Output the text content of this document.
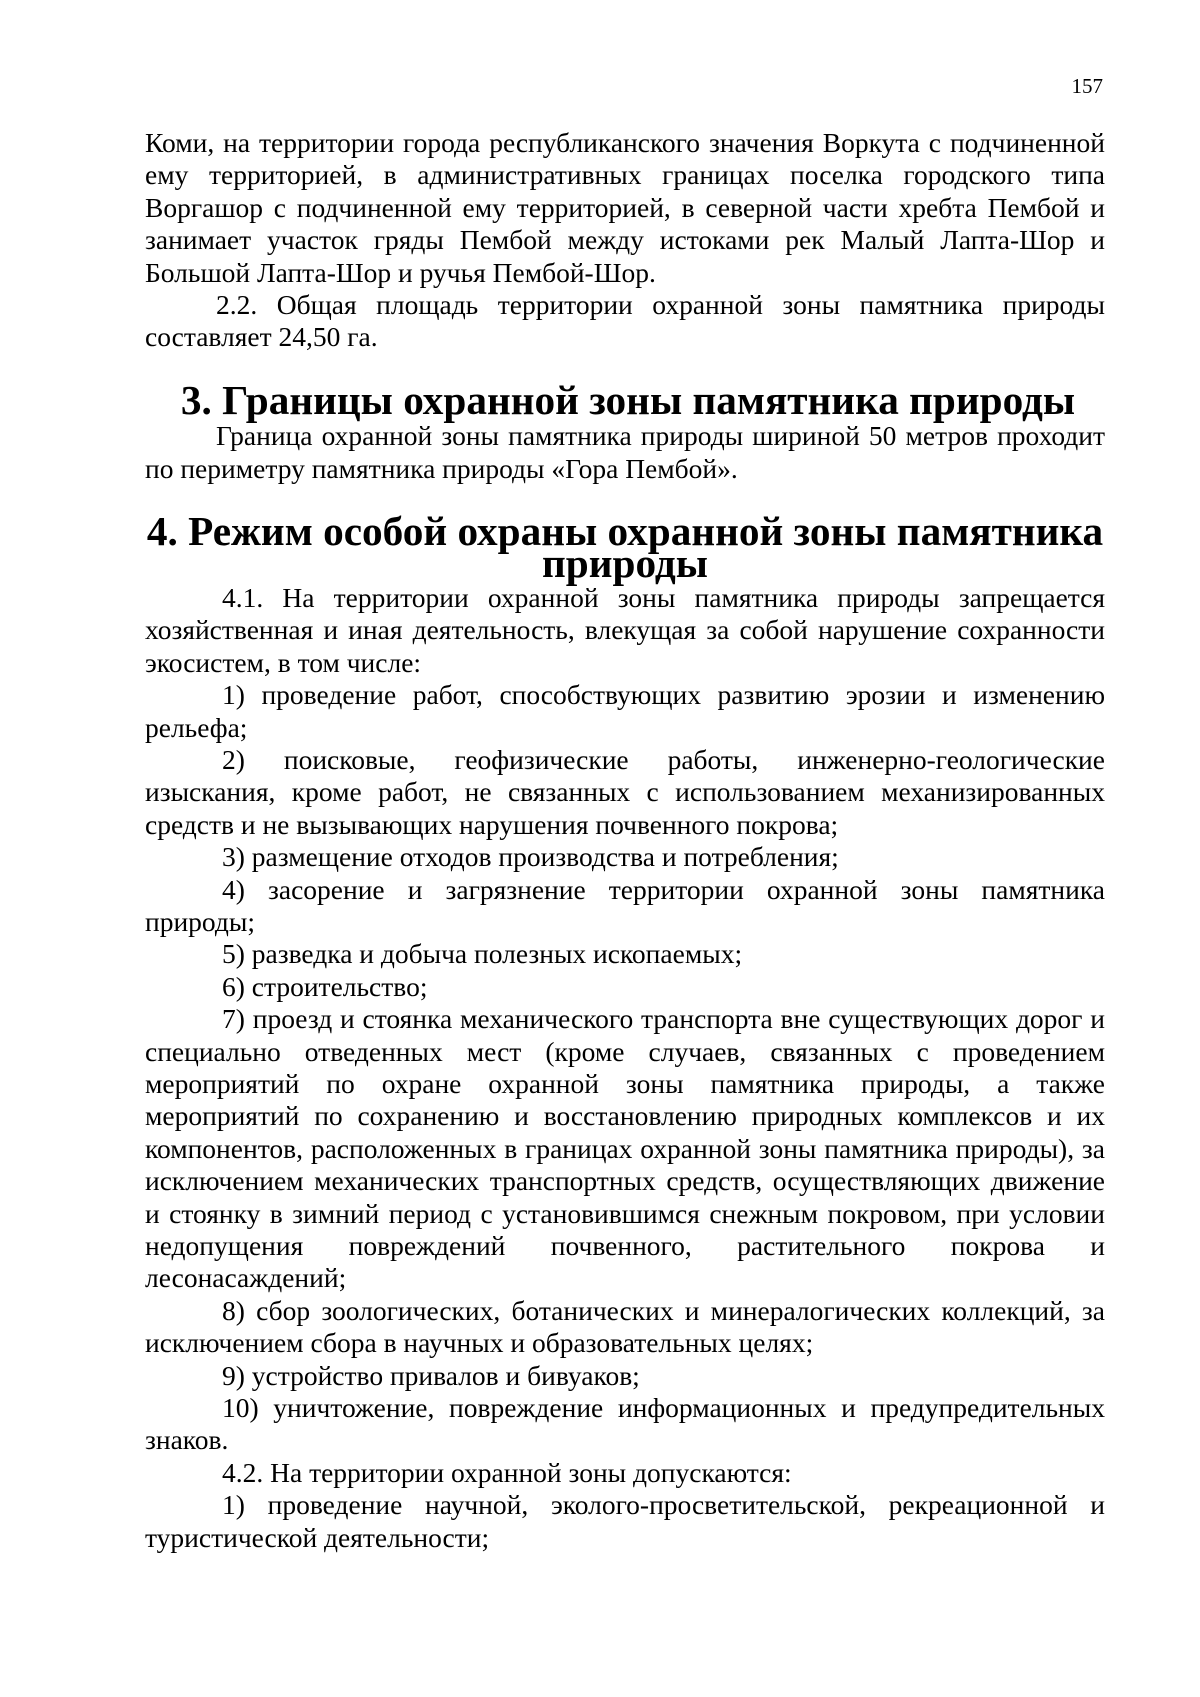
157

Коми, на территории города республиканского значения Воркута с подчиненной ему территорией, в административных границах поселка городского типа Воргашор с подчиненной ему территорией, в северной части хребта Пембой и занимает участок гряды Пембой между истоками рек Малый Лапта-Шор и Большой Лапта-Шор и ручья Пембой-Шор.

2.2. Общая площадь территории охранной зоны памятника природы составляет 24,50 га.

3. Границы охранной зоны памятника природы

Граница охранной зоны памятника природы шириной 50 метров проходит по периметру памятника природы «Гора Пембой».

4. Режим особой охраны охранной зоны памятника природы

4.1. На территории охранной зоны памятника природы запрещается хозяйственная и иная деятельность, влекущая за собой нарушение сохранности экосистем, в том числе:

1) проведение работ, способствующих развитию эрозии и изменению рельефа;

2) поисковые, геофизические работы, инженерно-геологические изыскания, кроме работ, не связанных с использованием механизированных средств и не вызывающих нарушения почвенного покрова;

3) размещение отходов производства и потребления;

4) засорение и загрязнение территории охранной зоны памятника природы;

5) разведка и добыча полезных ископаемых;

6) строительство;

7) проезд и стоянка механического транспорта вне существующих дорог и специально отведенных мест (кроме случаев, связанных с проведением мероприятий по охране охранной зоны памятника природы, а также мероприятий по сохранению и восстановлению природных комплексов и их компонентов, расположенных в границах охранной зоны памятника природы), за исключением механических транспортных средств, осуществляющих движение и стоянку в зимний период с установившимся снежным покровом, при условии недопущения повреждений почвенного, растительного покрова и лесонасаждений;

8) сбор зоологических, ботанических и минералогических коллекций, за исключением сбора в научных и образовательных целях;

9) устройство привалов и бивуаков;

10) уничтожение, повреждение информационных и предупредительных знаков.

4.2. На территории охранной зоны допускаются:

1) проведение научной, эколого-просветительской, рекреационной и туристической деятельности;
